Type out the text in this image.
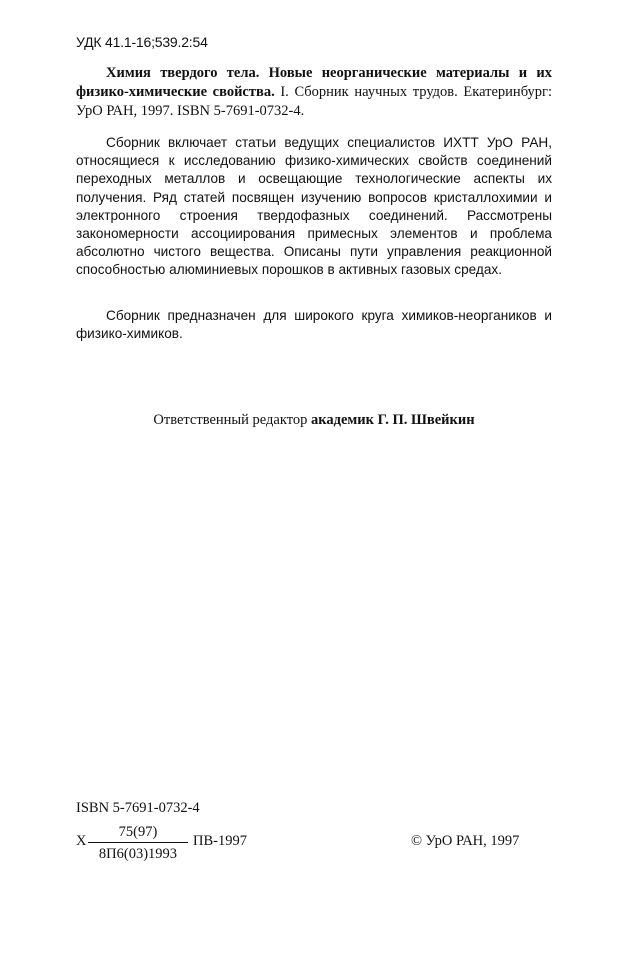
УДК 41.1-16;539.2:54
Химия твердого тела. Новые неорганические материалы и их физико-химические свойства. I. Сборник научных трудов. Екатеринбург: УрО РАН, 1997. ISBN 5-7691-0732-4.

Сборник включает статьи ведущих специалистов ИХТТ УрО РАН, относящиеся к исследованию физико-химических свойств соединений переходных металлов и освещающие технологические аспекты их получения. Ряд статей посвящен изучению вопросов кристаллохимии и электронного строения твердофазных соединений. Рассмотрены закономерности ассоциирования примесных элементов и проблема абсолютно чистого вещества. Описаны пути управления реакционной способностью алюминиевых порошков в активных газовых средах.

Сборник предназначен для широкого круга химиков-неоргаников и физико-химиков.

Ответственный редактор академик Г. П. Швейкин
ISBN 5-7691-0732-4
Х
75(97)
8П6(03)1993
ПВ-1997	© УрО РАН, 1997
